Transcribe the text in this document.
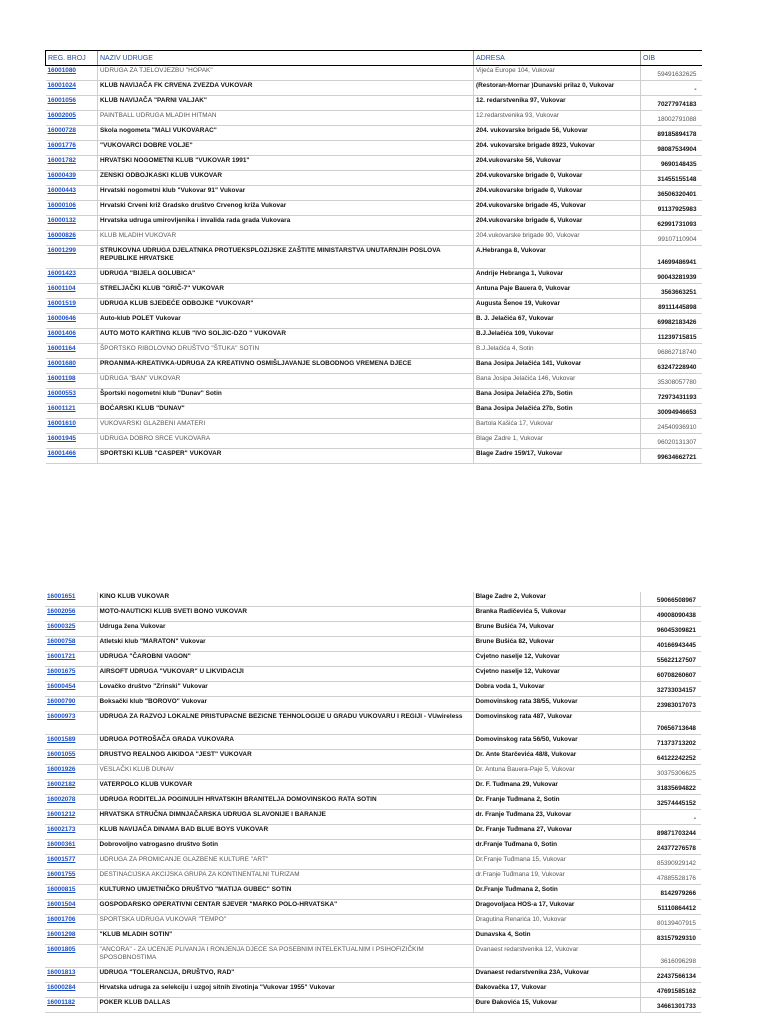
REG. BROJ	NAZIV UDRUGE	ADRESA	OIB
16001080	UDRUGA ZA TJELOVJEZBU "HOPAK"	Vijeća Europe 104, Vukovar	59491632625
16001024	KLUB NAVIJAČA FK CRVENA ZVEZDA VUKOVAR	(Restoran-Mornar )Dunavski prilaz 0, Vukovar	-
16001056	KLUB NAVIJAČA "PARNI VALJAK"	12. redarstvenika 97, Vukovar	70277974183
16002005	PAINTBALL UDRUGA MLADIH HITMAN	12.redarstvenika 93, Vukovar	18002791088
16000728	Skola nogometa "MALI VUKOVARAC"	204. vukovarske brigade 56, Vukovar	89185894178
16001776	"VUKOVARCI DOBRE VOLJE"	204. vukovarske brigade 8923, Vukovar	98087534904
16001782	HRVATSKI NOGOMETNI KLUB "VUKOVAR 1991"	204.vukovarske 56, Vukovar	9690148435
16000439	ZENSKI ODBOJKASKI KLUB VUKOVAR	204.vukovarske brigade 0, Vukovar	31455155148
16000443	Hrvatski nogometni klub "Vukovar 91" Vukovar	204.vukovarske brigade 0, Vukovar	36506320401
16000106	Hrvatski Crveni križ Gradsko društvo Crvenog križa Vukovar	204.vukovarske brigade 45, Vukovar	91137925983
16000132	Hrvatska udruga umirovljenika i invalida rada grada Vukovara	204.vukovarske brigade 6, Vukovar	62991731093
16000826	KLUB MLADIH VUKOVAR	204.vukovarske brigade 90, Vukovar	99107110904
16001299	STRUKOVNA UDRUGA DJELATNIKA PROTUEKSPLOZIJSKE ZAŠTITE MINISTARSTVA UNUTARNJIH POSLOVA REPUBLIKE HRVATSKE	A.Hebranga 8, Vukovar	14699486941
16001423	UDRUGA "BIJELA GOLUBICA"	Andrije Hebranga 1, Vukovar	90043281939
16001104	STRELJAČKI KLUB "GRIČ-7" VUKOVAR	Antuna Paje Bauera 0, Vukovar	3563663251
16001519	UDRUGA KLUB SJEDEĆE ODBOJKE "VUKOVAR"	Augusta Šenoe 19, Vukovar	89111445898
16000646	Auto-klub POLET Vukovar	B. J. Jelačića 67, Vukovar	69982183426
16001406	AUTO MOTO KARTING KLUB "IVO SOLJIC-DZO " VUKOVAR	B.J.Jelačića 109, Vukovar	11239715815
16001164	ŠPORTSKO RIBOLOVNO DRUŠTVO "ŠTUKA" SOTIN	B.J.Jelačića 4, Sotin	96862718740
16001680	PROANIMA-KREATIVKA-UDRUGA ZA KREATIVNO OSMIŠLJAVANJE SLOBODNOG VREMENA DJECE	Bana Josipa Jelačića 141, Vukovar	63247228940
16001198	UDRUGA "BAN" VUKOVAR	Bana Josipa Jelačića 146, Vukovar	35308057780
16000553	Športski nogometni klub "Dunav" Sotin	Bana Josipa Jelačića 27b, Sotin	72973431193
16001121	BOĆARSKI KLUB "DUNAV"	Bana Josipa Jelačića 27b, Sotin	30094946653
16001610	VUKOVARSKI GLAZBENI AMATERI	Bartola Kašića 17, Vukovar	24540936910
16001945	UDRUGA DOBRO SRCE VUKOVARA	Blage Zadre 1, Vukovar	96020131307
16001466	SPORTSKI KLUB "CASPER" VUKOVAR	Blage Zadre 159/17, Vukovar	99634662721
16001651	KINO KLUB VUKOVAR	Blage Zadre 2, Vukovar	59066508967
16002056	MOTO-NAUTICKI KLUB SVETI BONO VUKOVAR	Branka Radičevića 5, Vukovar	49008090438
16000325	Udruga žena Vukovar	Brune Bušića 74, Vukovar	96045309821
16000758	Atletski klub "MARATON" Vukovar	Brune Bušića 82, Vukovar	40166943445
16001721	UDRUGA "ČAROBNI VAGON"	Cvjetno naselje 12, Vukovar	55622127507
16001675	AIRSOFT UDRUGA "VUKOVAR" U LIKVIDACIJI	Cvjetno naselje 12, Vukovar	60708260607
16000454	Lovačko društvo "Zrinski" Vukovar	Dobra voda 1, Vukovar	32733034157
16000790	Boksački klub "BOROVO" Vukovar	Domovinskog rata 38/55, Vukovar	23983017073
16000973	UDRUGA ZA RAZVOJ LOKALNE PRISTUPACNE BEZICNE TEHNOLOGIJE U GRADU VUKOVARU I REGIJI - VUwireless	Domovinskog rata 487, Vukovar	70656713648
16001589	UDRUGA POTROŠAČA GRADA VUKOVARA	Domovinskog rata 56/50, Vukovar	71373713202
16001055	DRUSTVO REALNOG AIKIDOA "JEST" VUKOVAR	Dr. Ante Starčevića 48/8, Vukovar	64122242252
16001926	VESLAČKI KLUB DUNAV	Dr. Antuna Bauera-Paje 5, Vukovar	30375306625
16002182	VATERPOLO KLUB VUKOVAR	Dr. F. Tuđmana 29, Vukovar	31835694822
16002078	UDRUGA RODITELJA POGINULIH HRVATSKIH BRANITELJA DOMOVINSKOG RATA SOTIN	Dr. Franje Tuđmana 2, Sotin	32574445152
16001212	HRVATSKA STRUČNA DIMNJAČARSKA UDRUGA SLAVONIJE I BARANJE	dr. Franje Tuđmana 23, Vukovar	-
16002173	KLUB NAVIJAČA DINAMA BAD BLUE BOYS VUKOVAR	Dr. Franje Tuđmana 27, Vukovar	89871703244
16000361	Dobrovoljno vatrogasno društvo Sotin	dr.Franje Tuđmana 0, Sotin	24377276578
16001577	UDRUGA ZA PROMICANJE GLAZBENE KULTURE "ART"	Dr.Franje Tuđmana 15, Vukovar	85390929142
16001755	DESTINACIJSKA AKCIJSKA GRUPA ZA KONTINENTALNI TURIZAM	dr.Franje Tuđmana 19, Vukovar	47885528176
16000815	KULTURNO UMJETNIČKO DRUŠTVO "MATIJA GUBEC" SOTIN	Dr.Franje Tuđmana 2, Sotin	8142979266
16001504	GOSPODARSKO OPERATIVNI CENTAR SJEVER "MARKO POLO-HRVATSKA"	Dragovoljaca HOS-a 17, Vukovar	51110864412
16001706	SPORTSKA UDRUGA VUKOVAR "TEMPO"	Dragutina Renarića 10, Vukovar	80139407915
16001298	"KLUB MLADIH SOTIN"	Dunavska 4, Sotin	83157929310
16001805	"ANCORA" - ZA UCENJE PLIVANJA I RONJENJA DJECE SA POSEBNIM INTELEKTUALNIM I PSIHOFIZIČKIM SPOSOBNOSTIMA	Dvanaest redarstvenika 12, Vukovar	3616096298
16001813	UDRUGA "TOLERANCIJA, DRUŠTVO, RAD"	Dvanaest redarstvenika 23A, Vukovar	22437566134
16000284	Hrvatska udruga za selekciju i uzgoj sitnih životinja "Vukovar 1955" Vukovar	Đakovačka 17, Vukovar	47691585162
16001182	POKER KLUB DALLAS	Đure Đakovića 15, Vukovar	34661301733
